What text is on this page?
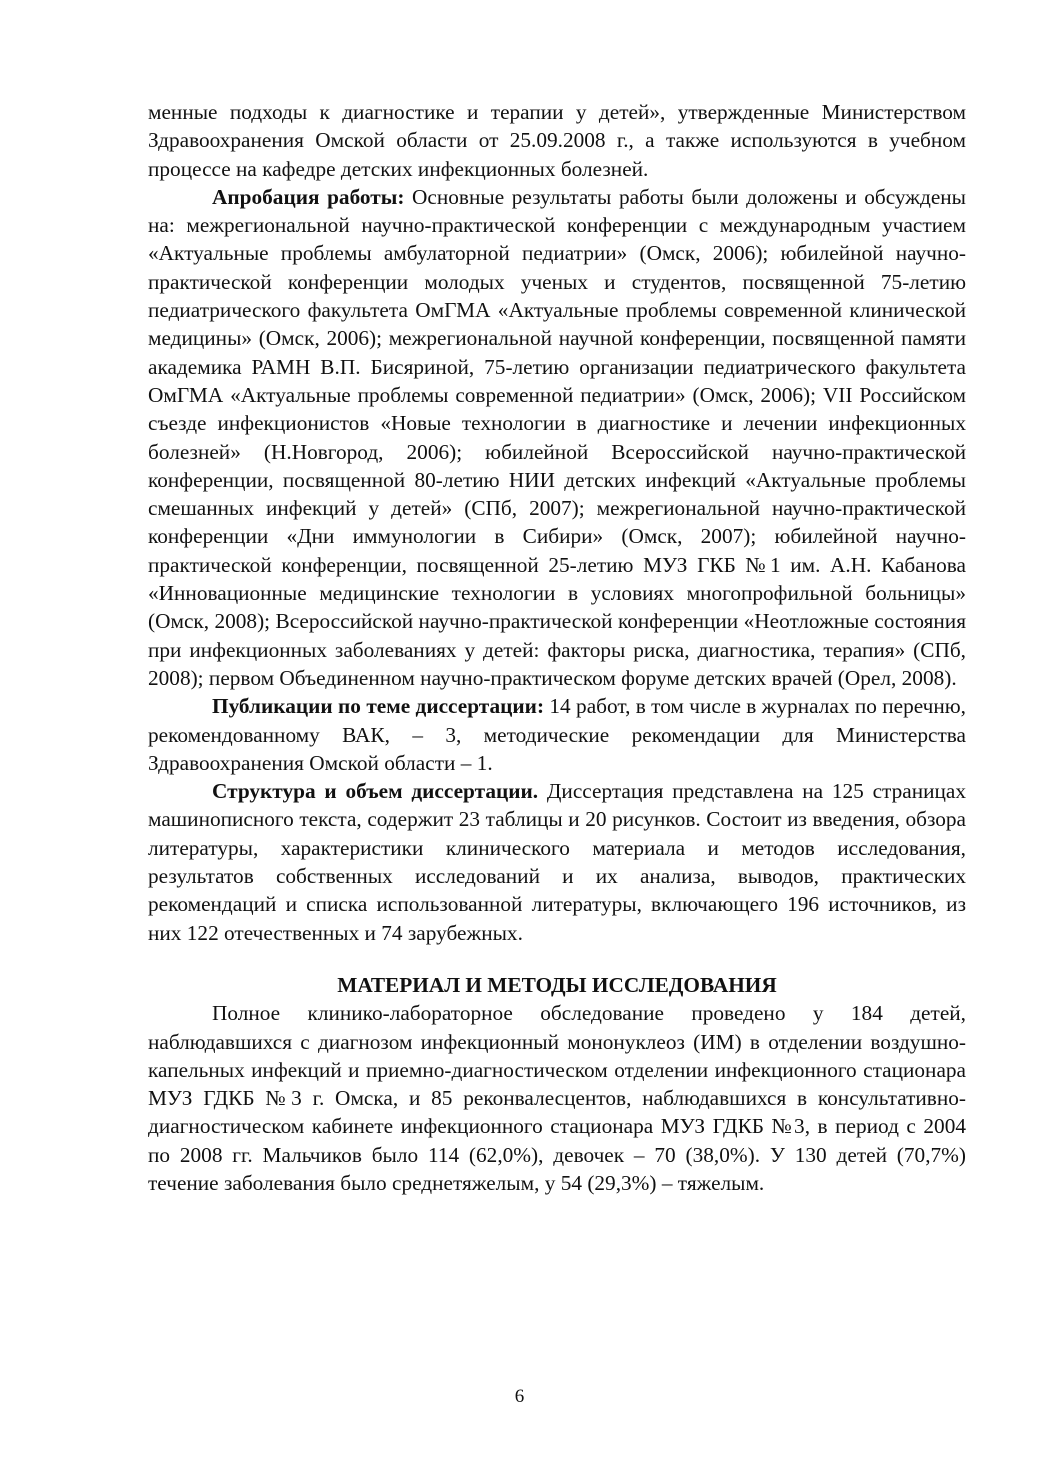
менные подходы к диагностике и терапии у детей», утвержденные Министерством Здравоохранения Омской области от 25.09.2008 г., а также используются в учебном процессе на кафедре детских инфекционных болезней.

Апробация работы: Основные результаты работы были доложены и обсуждены на: межрегиональной научно-практической конференции с международным участием «Актуальные проблемы амбулаторной педиатрии» (Омск, 2006); юбилейной научно-практической конференции молодых ученых и студентов, посвященной 75-летию педиатрического факультета ОмГМА «Актуальные проблемы современной клинической медицины» (Омск, 2006); межрегиональной научной конференции, посвященной памяти академика РАМН В.П. Бисяриной, 75-летию организации педиатрического факультета ОмГМА «Актуальные проблемы современной педиатрии» (Омск, 2006); VII Российском съезде инфекционистов «Новые технологии в диагностике и лечении инфекционных болезней» (Н.Новгород, 2006); юбилейной Всероссийской научно-практической конференции, посвященной 80-летию НИИ детских инфекций «Актуальные проблемы смешанных инфекций у детей» (СПб, 2007); межрегиональной научно-практической конференции «Дни иммунологии в Сибири» (Омск, 2007); юбилейной научно-практической конференции, посвященной 25-летию МУЗ ГКБ №1 им. А.Н. Кабанова «Инновационные медицинские технологии в условиях многопрофильной больницы» (Омск, 2008); Всероссийской научно-практической конференции «Неотложные состояния при инфекционных заболеваниях у детей: факторы риска, диагностика, терапия» (СПб, 2008); первом Объединенном научно-практическом форуме детских врачей (Орел, 2008).

Публикации по теме диссертации: 14 работ, в том числе в журналах по перечню, рекомендованному ВАК, – 3, методические рекомендации для Министерства Здравоохранения Омской области – 1.

Структура и объем диссертации. Диссертация представлена на 125 страницах машинописного текста, содержит 23 таблицы и 20 рисунков. Состоит из введения, обзора литературы, характеристики клинического материала и методов исследования, результатов собственных исследований и их анализа, выводов, практических рекомендаций и списка использованной литературы, включающего 196 источников, из них 122 отечественных и 74 зарубежных.

МАТЕРИАЛ И МЕТОДЫ ИССЛЕДОВАНИЯ

Полное клинико-лабораторное обследование проведено у 184 детей, наблюдавшихся с диагнозом инфекционный мононуклеоз (ИМ) в отделении воздушно-капельных инфекций и приемно-диагностическом отделении инфекционного стационара МУЗ ГДКБ №3 г. Омска, и 85 реконвалесцентов, наблюдавшихся в консультативно-диагностическом кабинете инфекционного стационара МУЗ ГДКБ №3, в период с 2004 по 2008 гг. Мальчиков было 114 (62,0%), девочек – 70 (38,0%). У 130 детей (70,7%) течение заболевания было среднетяжелым, у 54 (29,3%) – тяжелым.

6
